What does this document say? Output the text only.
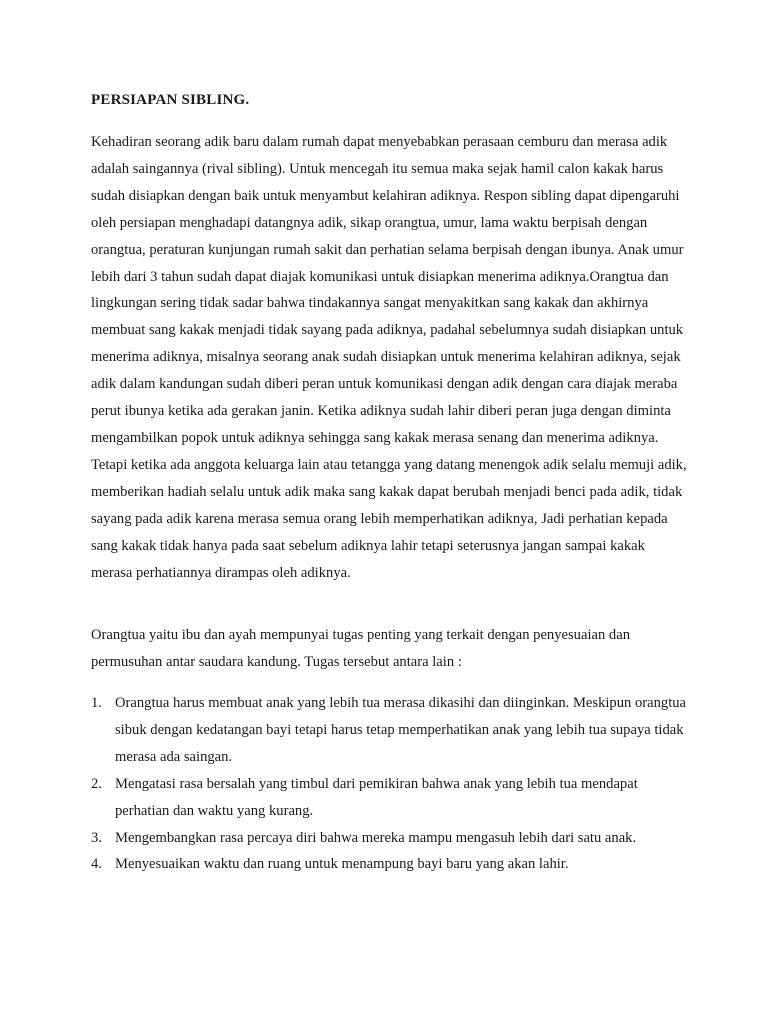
PERSIAPAN SIBLING.

Kehadiran seorang adik baru dalam rumah dapat menyebabkan perasaan cemburu dan merasa adik adalah saingannya (rival sibling). Untuk mencegah itu semua maka sejak hamil calon kakak harus sudah disiapkan dengan baik untuk menyambut kelahiran adiknya. Respon sibling dapat dipengaruhi oleh persiapan menghadapi datangnya adik, sikap orangtua, umur, lama waktu berpisah dengan orangtua, peraturan kunjungan rumah sakit dan perhatian selama berpisah dengan ibunya. Anak umur lebih dari 3 tahun sudah dapat diajak komunikasi untuk disiapkan menerima adiknya.Orangtua dan lingkungan sering tidak sadar bahwa tindakannya sangat menyakitkan sang kakak dan akhirnya membuat sang kakak menjadi tidak sayang pada adiknya, padahal sebelumnya sudah disiapkan untuk menerima adiknya, misalnya seorang anak sudah disiapkan untuk menerima kelahiran adiknya, sejak adik dalam kandungan sudah diberi peran untuk komunikasi dengan adik dengan cara diajak meraba perut ibunya ketika ada gerakan janin. Ketika adiknya sudah lahir diberi peran juga dengan diminta mengambilkan popok untuk adiknya sehingga sang kakak merasa senang dan menerima adiknya. Tetapi ketika ada anggota keluarga lain atau tetangga yang datang menengok adik selalu memuji adik, memberikan hadiah selalu untuk adik maka sang kakak dapat berubah menjadi benci pada adik, tidak sayang pada adik karena merasa semua orang lebih memperhatikan adiknya, Jadi perhatian kepada sang kakak tidak hanya pada saat sebelum adiknya lahir tetapi seterusnya jangan sampai kakak merasa perhatiannya dirampas oleh adiknya.

Orangtua yaitu ibu dan ayah mempunyai tugas penting yang terkait dengan penyesuaian dan permusuhan antar saudara kandung. Tugas tersebut antara lain :

1. Orangtua harus membuat anak yang lebih tua merasa dikasihi dan diinginkan. Meskipun orangtua sibuk dengan kedatangan bayi tetapi harus tetap memperhatikan anak yang lebih tua supaya tidak merasa ada saingan.
2. Mengatasi rasa bersalah yang timbul dari pemikiran bahwa anak yang lebih tua mendapat perhatian dan waktu yang kurang.
3. Mengembangkan rasa percaya diri bahwa mereka mampu mengasuh lebih dari satu anak.
4. Menyesuaikan waktu dan ruang untuk menampung bayi baru yang akan lahir.
